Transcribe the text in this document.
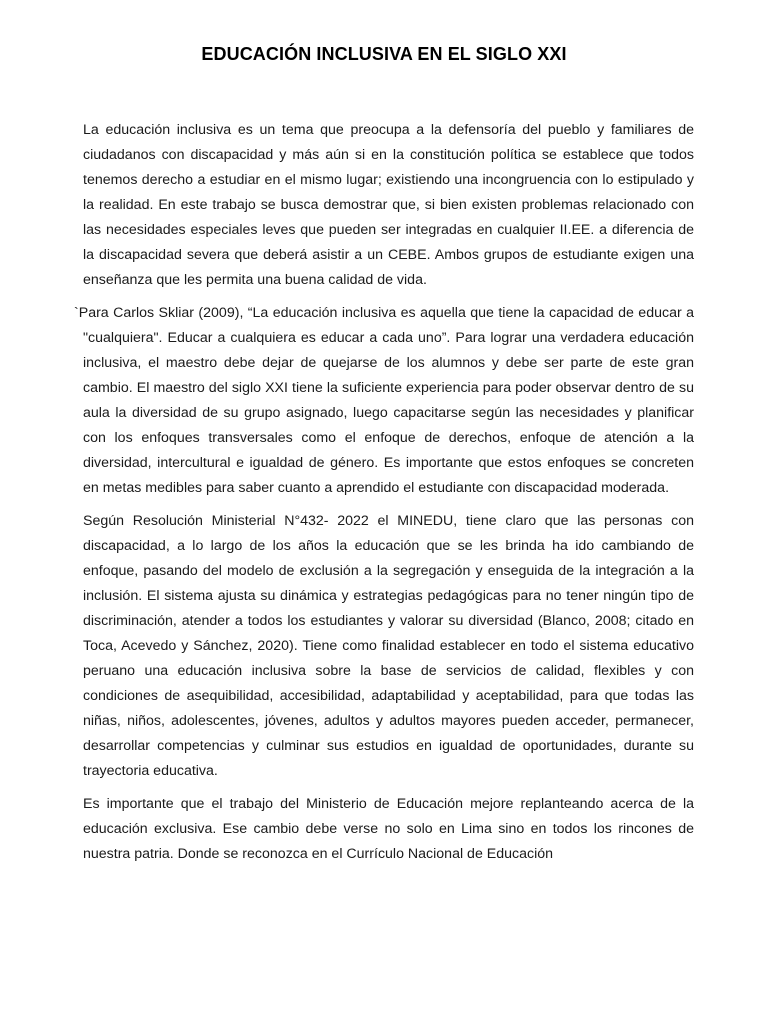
EDUCACIÓN INCLUSIVA EN EL SIGLO XXI

La educación inclusiva es un tema que preocupa a la defensoría del pueblo y familiares de ciudadanos con discapacidad y más aún si en la constitución política se establece que todos tenemos derecho a estudiar en el mismo lugar; existiendo una incongruencia con lo estipulado y la realidad. En este trabajo se busca demostrar que, si bien existen problemas relacionado con las necesidades especiales leves que pueden ser integradas en cualquier II.EE. a diferencia de la discapacidad severa que deberá asistir a un CEBE. Ambos grupos de estudiante exigen una enseñanza que les permita una buena calidad de vida.

`Para Carlos Skliar (2009), “La educación inclusiva es aquella que tiene la capacidad de educar a "cualquiera". Educar a cualquiera es educar a cada uno”. Para lograr una verdadera educación inclusiva, el maestro debe dejar de quejarse de los alumnos y debe ser parte de este gran cambio. El maestro del siglo XXI tiene la suficiente experiencia para poder observar dentro de su aula la diversidad de su grupo asignado, luego capacitarse según las necesidades y planificar con los enfoques transversales como el enfoque de derechos, enfoque de atención a la diversidad, intercultural e igualdad de género. Es importante que estos enfoques se concreten en metas medibles para saber cuanto a aprendido el estudiante con discapacidad moderada.

Según Resolución Ministerial N°432- 2022 el MINEDU, tiene claro que las personas con discapacidad, a lo largo de los años la educación que se les brinda ha ido cambiando de enfoque, pasando del modelo de exclusión a la segregación y enseguida de la integración a la inclusión. El sistema ajusta su dinámica y estrategias pedagógicas para no tener ningún tipo de discriminación, atender a todos los estudiantes y valorar su diversidad (Blanco, 2008; citado en Toca, Acevedo y Sánchez, 2020). Tiene como finalidad establecer en todo el sistema educativo peruano una educación inclusiva sobre la base de servicios de calidad, flexibles y con condiciones de asequibilidad, accesibilidad, adaptabilidad y aceptabilidad, para que todas las niñas, niños, adolescentes, jóvenes, adultos y adultos mayores pueden acceder, permanecer, desarrollar competencias y culminar sus estudios en igualdad de oportunidades, durante su trayectoria educativa.

Es importante que el trabajo del Ministerio de Educación mejore replanteando acerca de la educación exclusiva. Ese cambio debe verse no solo en Lima sino en todos los rincones de nuestra patria. Donde se reconozca en el Currículo Nacional de Educación
